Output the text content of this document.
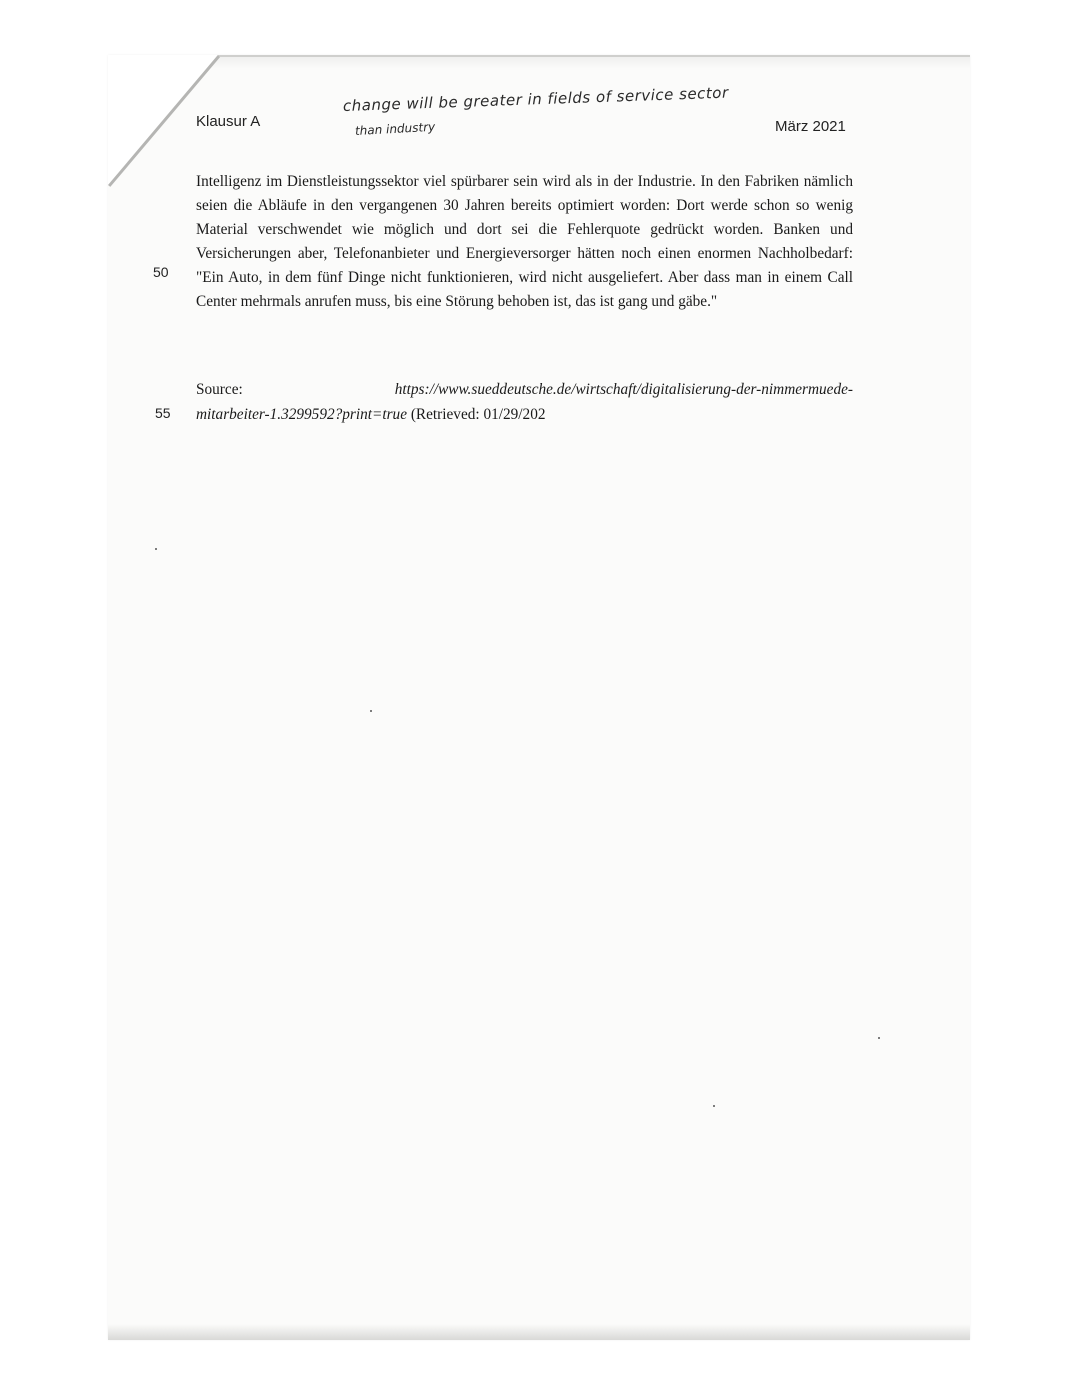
Klausur A	März 2021
change will be greater in fields of service sector
than industry
50
55

Intelligenz im Dienstleistungssektor viel spürbarer sein wird als in der Industrie. In den Fabriken nämlich seien die Abläufe in den vergangenen 30 Jahren bereits optimiert worden: Dort werde schon so wenig Material verschwendet wie möglich und dort sei die Fehlerquote gedrückt worden. Banken und Versicherungen aber, Telefonanbieter und Energieversorger hätten noch einen enormen Nachholbedarf: "Ein Auto, in dem fünf Dinge nicht funktionieren, wird nicht ausgeliefert. Aber dass man in einem Call Center mehrmals anrufen muss, bis eine Störung behoben ist, das ist gang und gäbe."

Source:	https://www.sueddeutsche.de/wirtschaft/digitalisierung-der-nimmermuede-
mitarbeiter-1.3299592?print=true (Retrieved: 01/29/202
